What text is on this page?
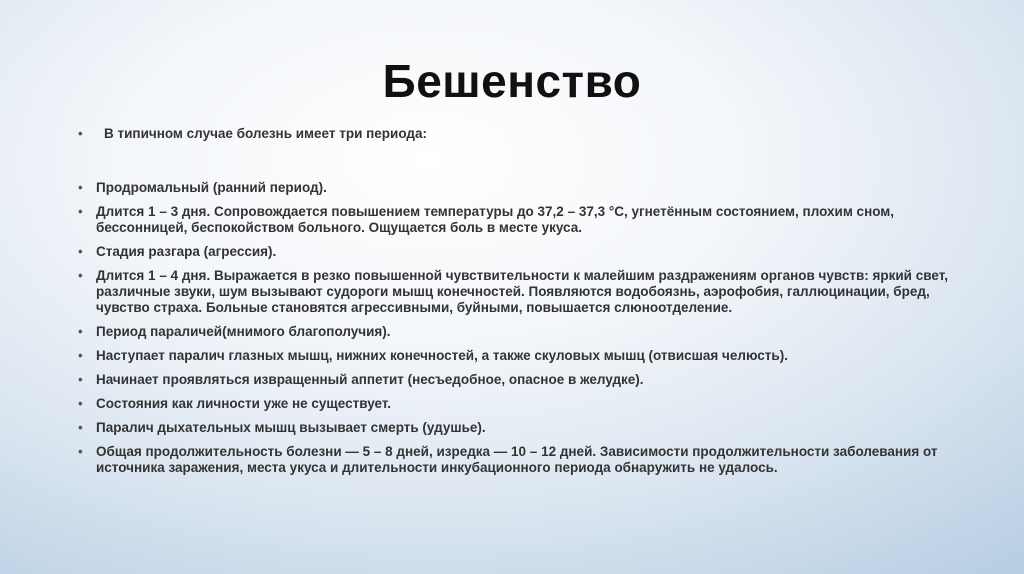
Бешенство
• В типичном случае болезнь имеет три периода:
• Продромальный (ранний период).
• Длится 1 – 3 дня. Сопровождается повышением температуры до 37,2 – 37,3 °С, угнетённым состоянием, плохим сном, бессонницей, беспокойством больного. Ощущается боль в месте укуса.
• Стадия разгара (агрессия).
• Длится 1 – 4 дня. Выражается в резко повышенной чувствительности к малейшим раздражениям органов чувств: яркий свет, различные звуки, шум вызывают судороги мышц конечностей. Появляются водобоязнь, аэрофобия, галлюцинации, бред, чувство страха. Больные становятся агрессивными, буйными, повышается слюноотделение.
• Период параличей(мнимого благополучия).
• Наступает паралич глазных мышц, нижних конечностей, а также скуловых мышц (отвисшая челюсть).
• Начинает проявляться извращенный аппетит (несъедобное, опасное в желудке).
• Состояния как личности уже не существует.
• Паралич дыхательных мышц вызывает смерть (удушье).
• Общая продолжительность болезни — 5 – 8 дней, изредка — 10 – 12 дней. Зависимости продолжительности заболевания от источника заражения, места укуса и длительности инкубационного периода обнаружить не удалось.
